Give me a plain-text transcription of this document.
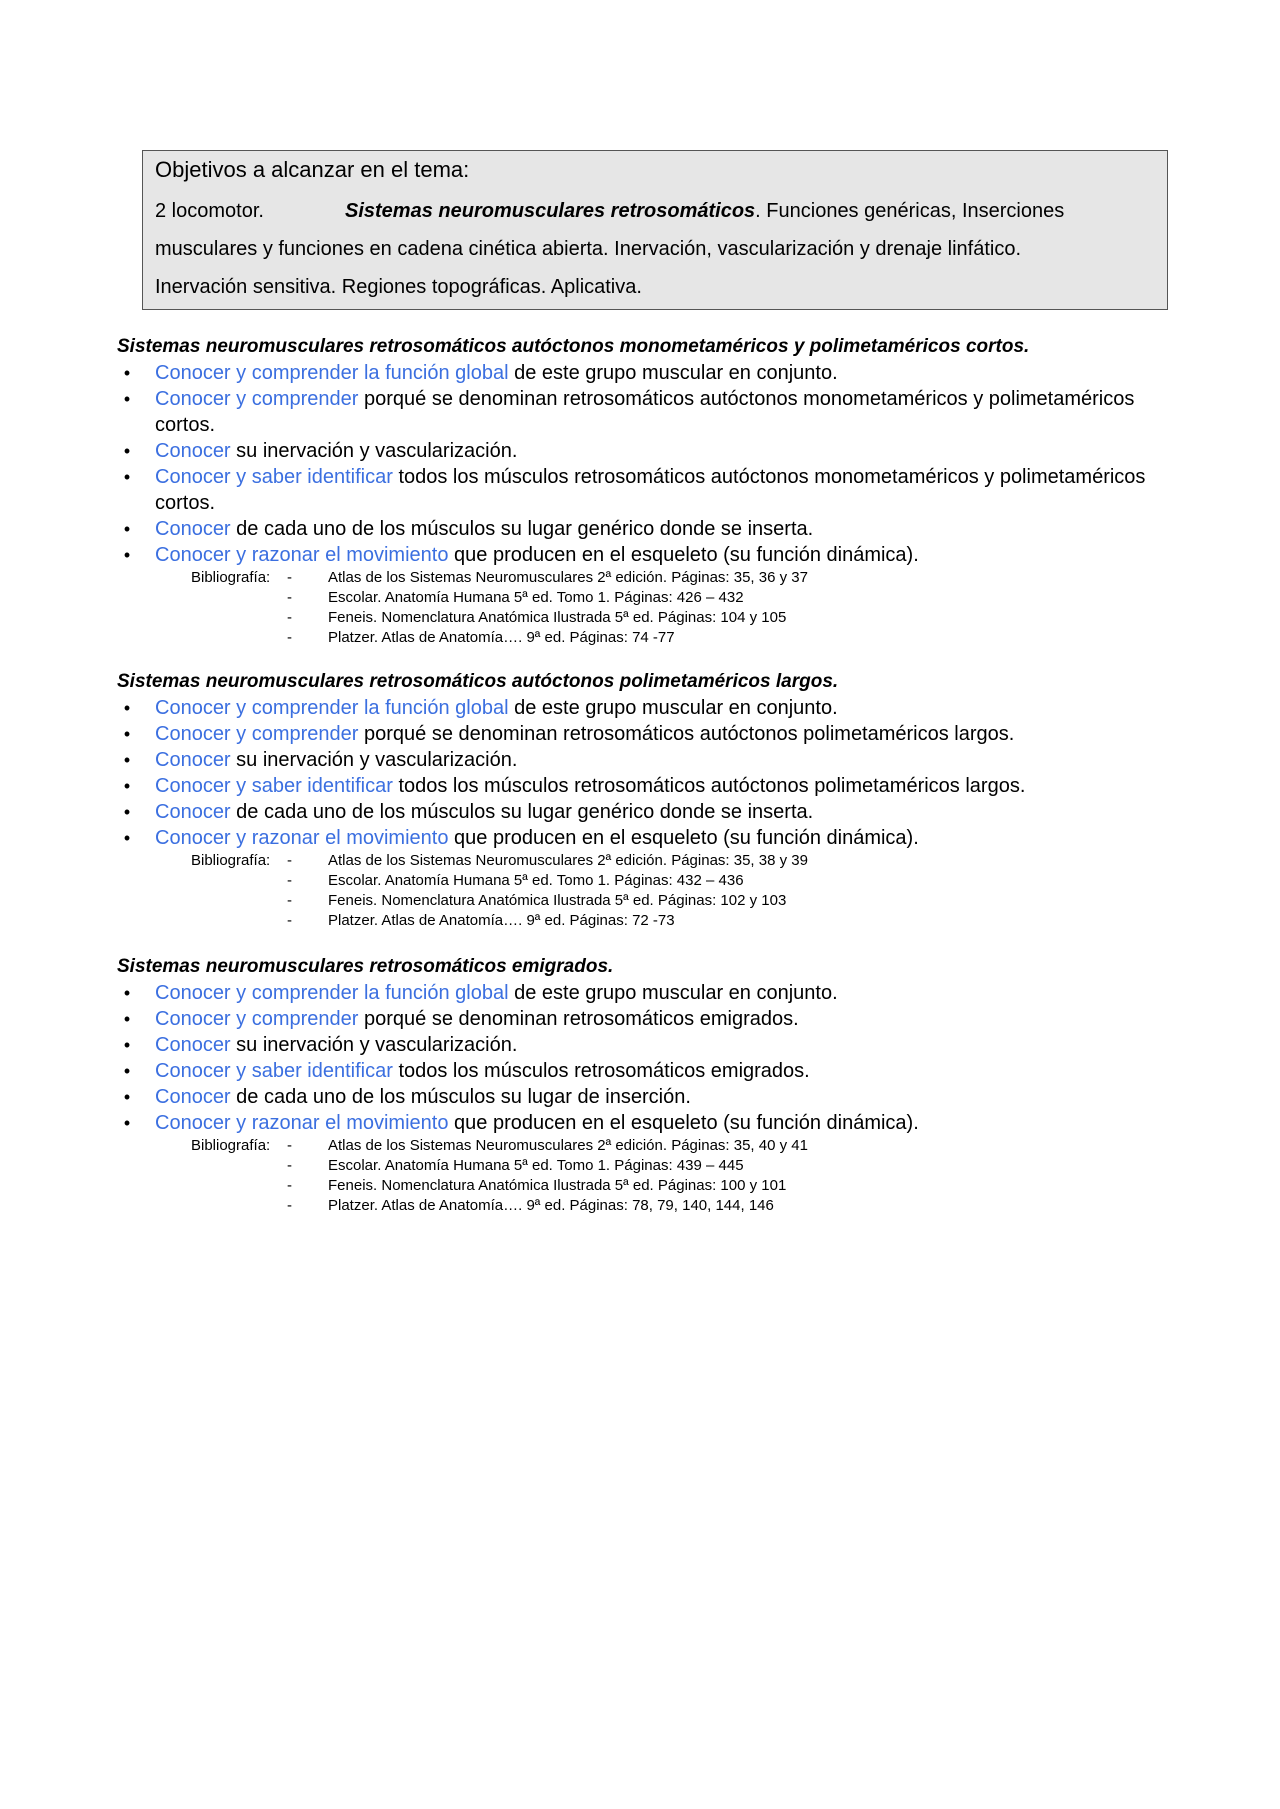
Objetivos a alcanzar en el tema:
2 locomotor.	Sistemas neuromusculares retrosomáticos. Funciones genéricas, Inserciones
musculares y funciones en cadena cinética abierta. Inervación, vascularización y drenaje linfático.
Inervación sensitiva. Regiones topográficas. Aplicativa.
Sistemas neuromusculares retrosomáticos autóctonos monometaméricos y polimetaméricos cortos.
•	Conocer y comprender la función global de este grupo muscular en conjunto.
•	Conocer y comprender porqué se denominan retrosomáticos autóctonos monometaméricos y polimetaméricos cortos.
•	Conocer su inervación y vascularización.
•	Conocer y saber identificar todos los músculos retrosomáticos autóctonos monometaméricos y polimetaméricos cortos.
•	Conocer de cada uno de los músculos su lugar genérico donde se inserta.
•	Conocer y razonar el movimiento que producen en el esqueleto (su función dinámica).
Bibliografía: - Atlas de los Sistemas Neuromusculares 2ª edición. Páginas: 35, 36 y 37
- Escolar. Anatomía Humana 5ª ed. Tomo 1. Páginas: 426 – 432
- Feneis. Nomenclatura Anatómica Ilustrada 5ª ed. Páginas: 104 y 105
- Platzer. Atlas de Anatomía…. 9ª ed. Páginas: 74 -77
Sistemas neuromusculares retrosomáticos autóctonos polimetaméricos largos.
•	Conocer y comprender la función global de este grupo muscular en conjunto.
•	Conocer y comprender porqué se denominan retrosomáticos autóctonos polimetaméricos largos.
•	Conocer su inervación y vascularización.
•	Conocer y saber identificar todos los músculos retrosomáticos autóctonos polimetaméricos largos.
•	Conocer de cada uno de los músculos su lugar genérico donde se inserta.
•	Conocer y razonar el movimiento que producen en el esqueleto (su función dinámica).
Bibliografía: - Atlas de los Sistemas Neuromusculares 2ª edición. Páginas: 35, 38 y 39
- Escolar. Anatomía Humana 5ª ed. Tomo 1. Páginas: 432 – 436
- Feneis. Nomenclatura Anatómica Ilustrada 5ª ed. Páginas: 102 y 103
- Platzer. Atlas de Anatomía…. 9ª ed. Páginas: 72 -73
Sistemas neuromusculares retrosomáticos emigrados.
•	Conocer y comprender la función global de este grupo muscular en conjunto.
•	Conocer y comprender porqué se denominan retrosomáticos emigrados.
•	Conocer su inervación y vascularización.
•	Conocer y saber identificar todos los músculos retrosomáticos emigrados.
•	Conocer de cada uno de los músculos su lugar de inserción.
•	Conocer y razonar el movimiento que producen en el esqueleto (su función dinámica).
Bibliografía: - Atlas de los Sistemas Neuromusculares 2ª edición. Páginas: 35, 40 y 41
- Escolar. Anatomía Humana 5ª ed. Tomo 1. Páginas: 439 – 445
- Feneis. Nomenclatura Anatómica Ilustrada 5ª ed. Páginas: 100 y 101
- Platzer. Atlas de Anatomía…. 9ª ed. Páginas: 78, 79, 140, 144, 146
